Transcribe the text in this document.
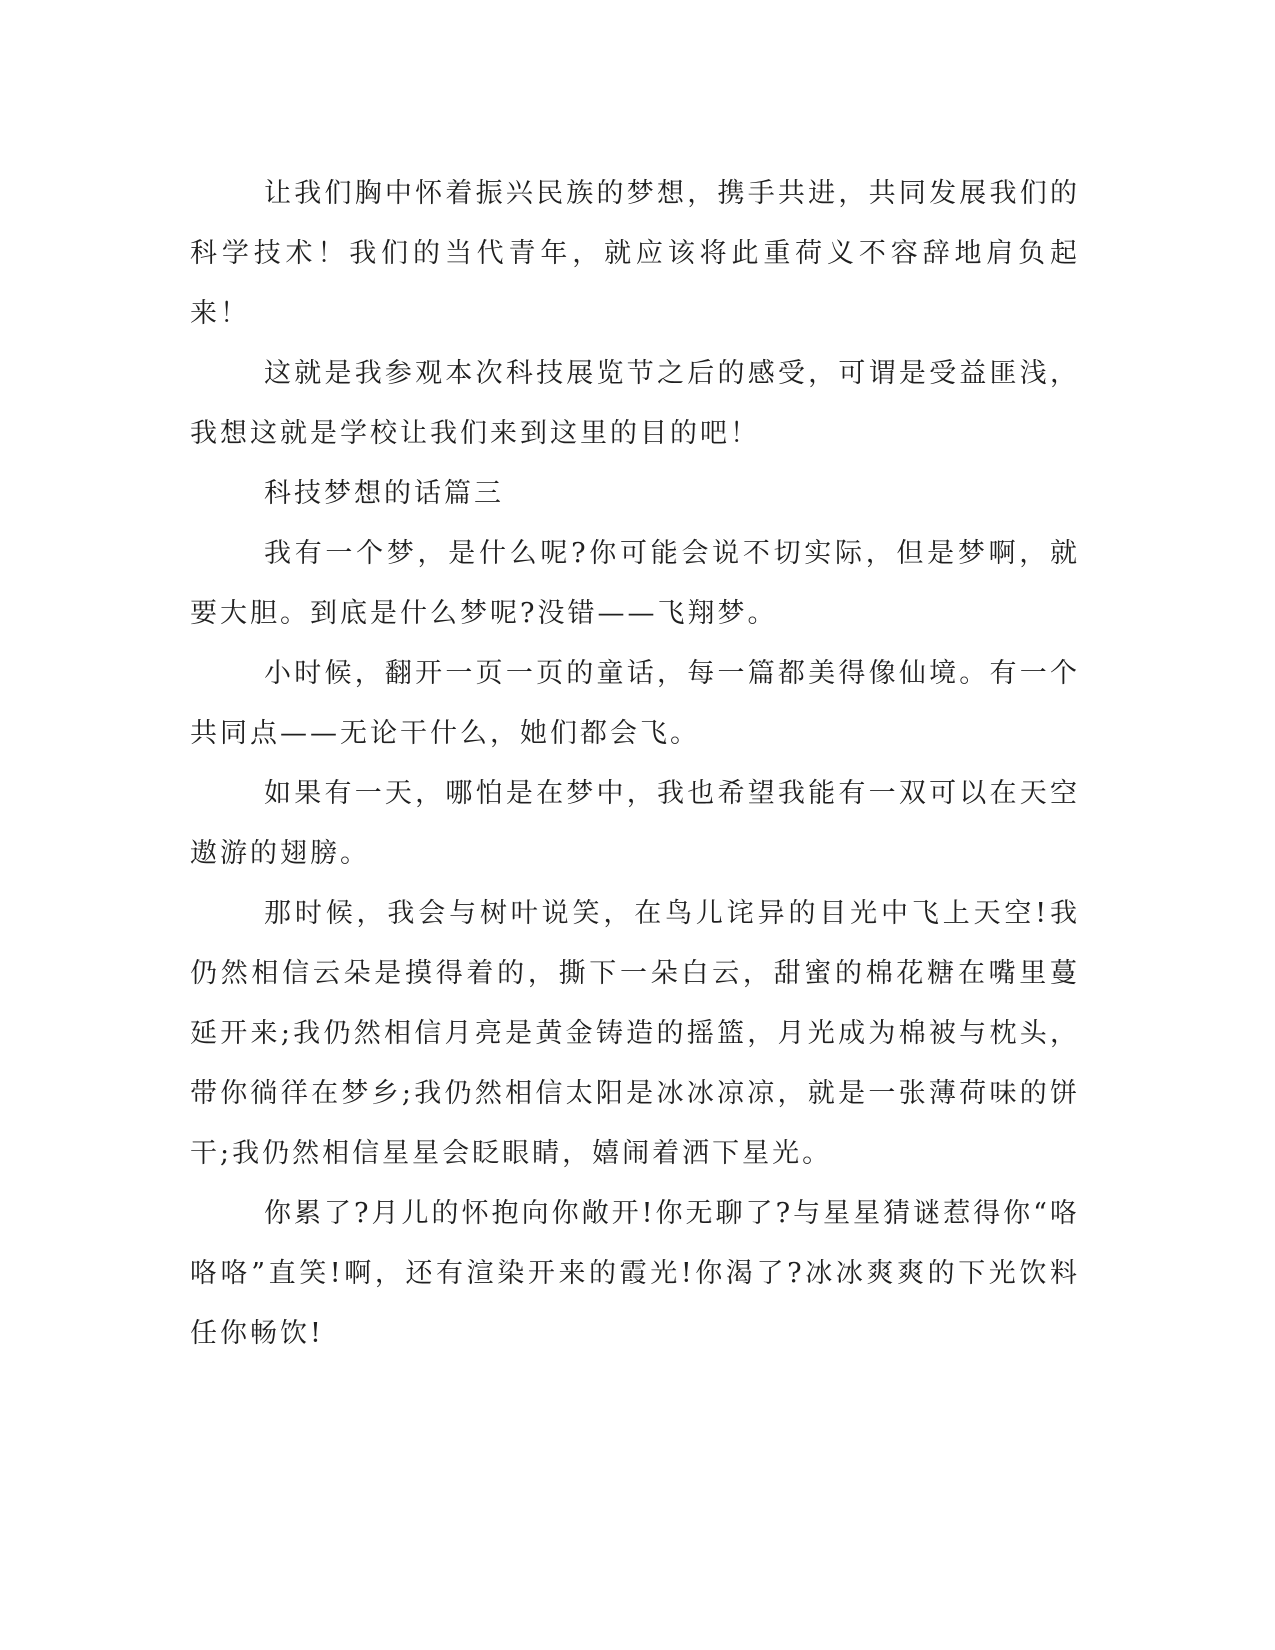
让我们胸中怀着振兴民族的梦想，携手共进，共同发展我们的科学技术！我们的当代青年，就应该将此重荷义不容辞地肩负起来！

这就是我参观本次科技展览节之后的感受，可谓是受益匪浅，我想这就是学校让我们来到这里的目的吧！

科技梦想的话篇三

我有一个梦，是什么呢?你可能会说不切实际，但是梦啊，就要大胆。到底是什么梦呢?没错——飞翔梦。

小时候，翻开一页一页的童话，每一篇都美得像仙境。有一个共同点——无论干什么，她们都会飞。

如果有一天，哪怕是在梦中，我也希望我能有一双可以在天空遨游的翅膀。

那时候，我会与树叶说笑，在鸟儿诧异的目光中飞上天空!我仍然相信云朵是摸得着的，撕下一朵白云，甜蜜的棉花糖在嘴里蔓延开来;我仍然相信月亮是黄金铸造的摇篮，月光成为棉被与枕头，带你徜徉在梦乡;我仍然相信太阳是冰冰凉凉，就是一张薄荷味的饼干;我仍然相信星星会眨眼睛，嬉闹着洒下星光。

你累了?月儿的怀抱向你敞开!你无聊了?与星星猜谜惹得你“咯咯咯”直笑!啊，还有渲染开来的霞光!你渴了?冰冰爽爽的下光饮料任你畅饮!
